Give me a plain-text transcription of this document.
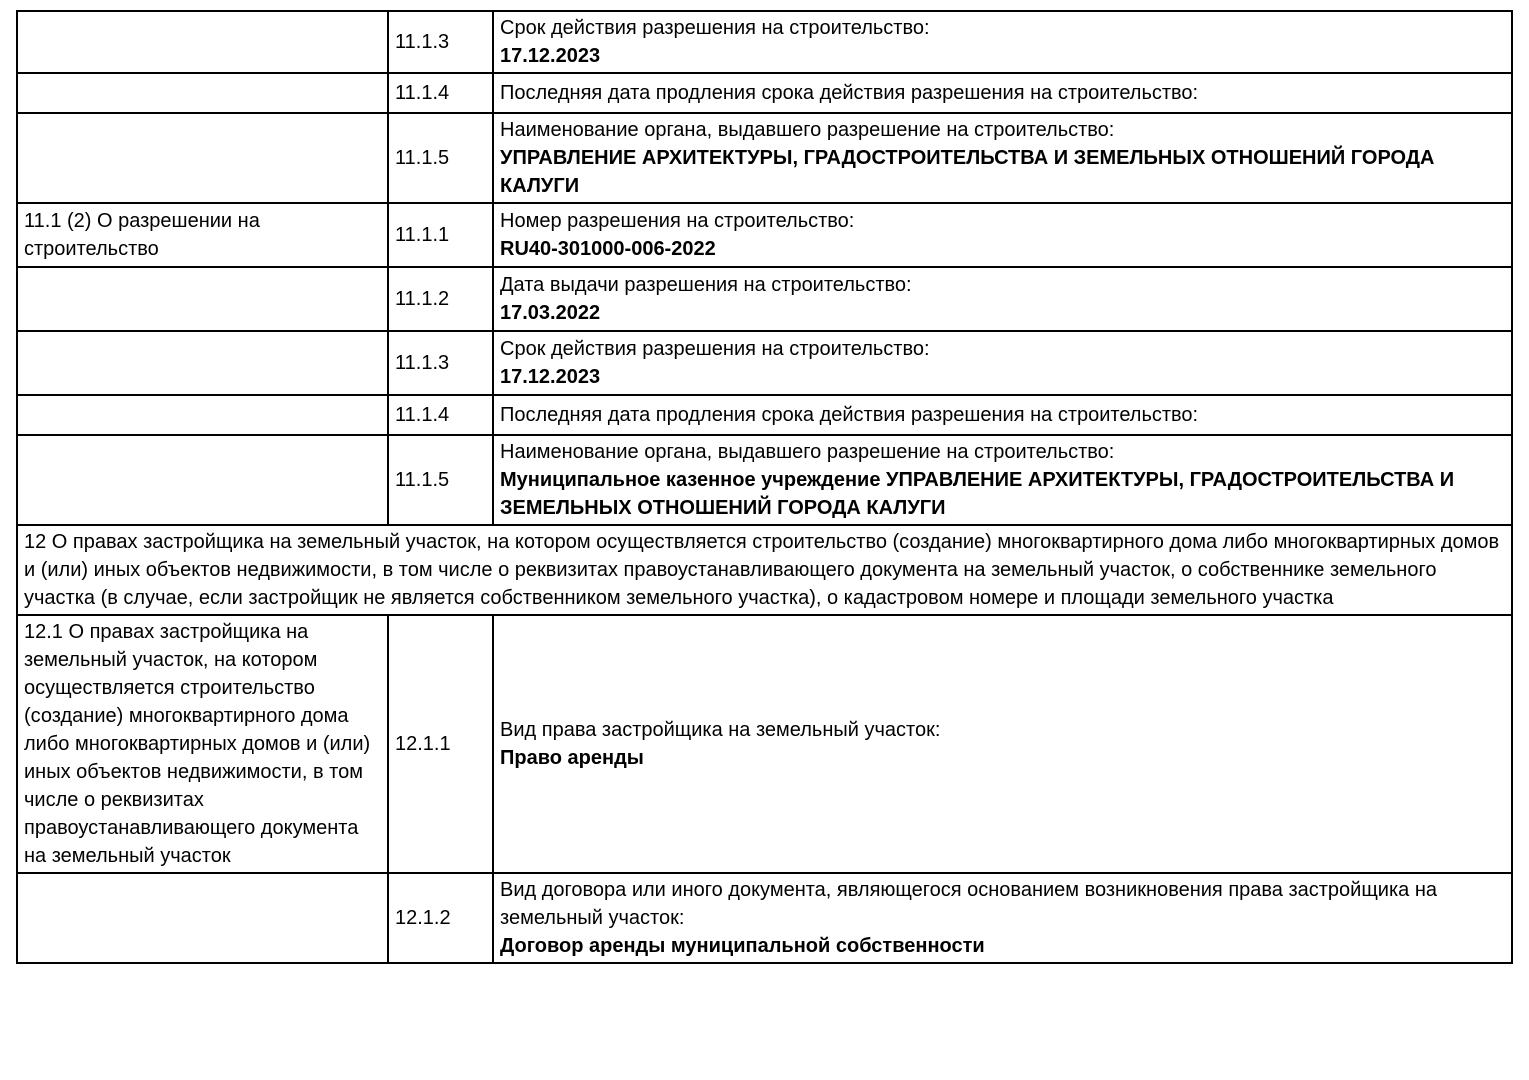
	11.1.3	Срок действия разрешения на строительство:
17.12.2023

	11.1.4	Последняя дата продления срока действия разрешения на строительство:

	11.1.5	Наименование органа, выдавшего разрешение на строительство:
УПРАВЛЕНИЕ АРХИТЕКТУРЫ, ГРАДОСТРОИТЕЛЬСТВА И ЗЕМЕЛЬНЫХ ОТНОШЕНИЙ ГОРОДА КАЛУГИ

11.1 (2) О разрешении на строительство	11.1.1	Номер разрешения на строительство:
RU40-301000-006-2022

	11.1.2	Дата выдачи разрешения на строительство:
17.03.2022

	11.1.3	Срок действия разрешения на строительство:
17.12.2023

	11.1.4	Последняя дата продления срока действия разрешения на строительство:

	11.1.5	Наименование органа, выдавшего разрешение на строительство:
Муниципальное казенное учреждение УПРАВЛЕНИЕ АРХИТЕКТУРЫ, ГРАДОСТРОИТЕЛЬСТВА И ЗЕМЕЛЬНЫХ ОТНОШЕНИЙ ГОРОДА КАЛУГИ

12 О правах застройщика на земельный участок, на котором осуществляется строительство (создание) многоквартирного дома либо многоквартирных домов и (или) иных объектов недвижимости, в том числе о реквизитах правоустанавливающего документа на земельный участок, о собственнике земельного участка (в случае, если застройщик не является собственником земельного участка), о кадастровом номере и площади земельного участка		
12.1 О правах застройщика на земельный участок, на котором осуществляется строительство (создание) многоквартирного дома либо многоквартирных домов и (или) иных объектов недвижимости, в том числе о реквизитах правоустанавливающего документа на земельный участок	12.1.1	Вид права застройщика на земельный участок:
Право аренды

	12.1.2	Вид договора или иного документа, являющегося основанием возникновения права застройщика на земельный участок:
Договор аренды муниципальной собственности
